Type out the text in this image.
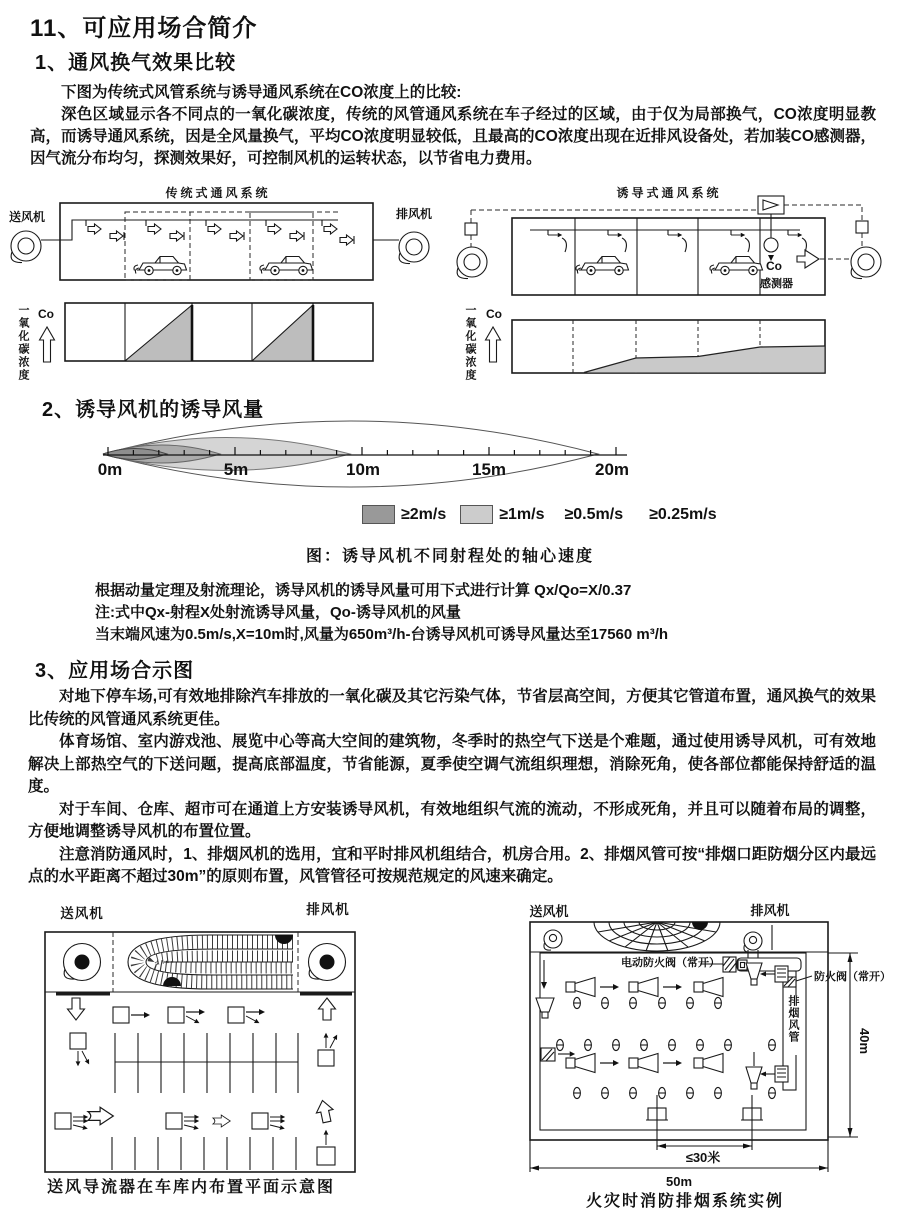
11、可应用场合简介
1、通风换气效果比较

下图为传统式风管系统与诱导通风系统在CO浓度上的比较:

深色区域显示各不同点的一氧化碳浓度，传统的风管通风系统在车子经过的区域，由于仅为局部换气，CO浓度明显教高，而诱导通风系统，因是全风量换气，平均CO浓度明显较低，且最高的CO浓度出现在近排风设备处，若加装CO感测器，因气流分布均匀，探测效果好，可控制风机的运转状态，以节省电力费用。

传统式通风系统
送风机	排风机
Co
诱导式通风系统
Co
感测器
Co
一氧化碳浓度	一氧化碳浓度
2、诱导风机的诱导风量
0m	5m	10m	15m	20m
≥2m/s	≥1m/s ≥0.5m/s ≥0.25m/s
图：诱导风机不同射程处的轴心速度

根据动量定理及射流理论，诱导风机的诱导风量可用下式进行计算 Qx/Qo=X/0.37

注:式中Qx-射程X处射流诱导风量，Qo-诱导风机的风量

当末端风速为0.5m/s,X=10m时,风量为650m³/h-台诱导风机可诱导风量达至17560 m³/h

3、应用场合示图

对地下停车场,可有效地排除汽车排放的一氧化碳及其它污染气体，节省层高空间，方便其它管道布置，通风换气的效果比传统的风管通风系统更佳。

体育场馆、室内游戏池、展览中心等高大空间的建筑物，冬季时的热空气下送是个难题，通过使用诱导风机，可有效地解决上部热空气的下送问题，提高底部温度，节省能源，夏季使空调气流组织理想，消除死角，使各部位都能保持舒适的温度。

对于车间、仓库、超市可在通道上方安装诱导风机，有效地组织气流的流动，不形成死角，并且可以随着布局的调整，方便地调整诱导风机的布置位置。

注意消防通风时，1、排烟风机的选用，宜和平时排风机组结合，机房合用。2、排烟风管可按“排烟口距防烟分区内最远点的水平距离不超过30m”的原则布置，风管管径可按规范规定的风速来确定。

送风机	排风机
送风导流器在车库内布置平面示意图
送风机	排风机
电动防火阀（常开）
防火阀（常开）
≤30米
50m
火灾时消防排烟系统实例
排烟风管	40m
